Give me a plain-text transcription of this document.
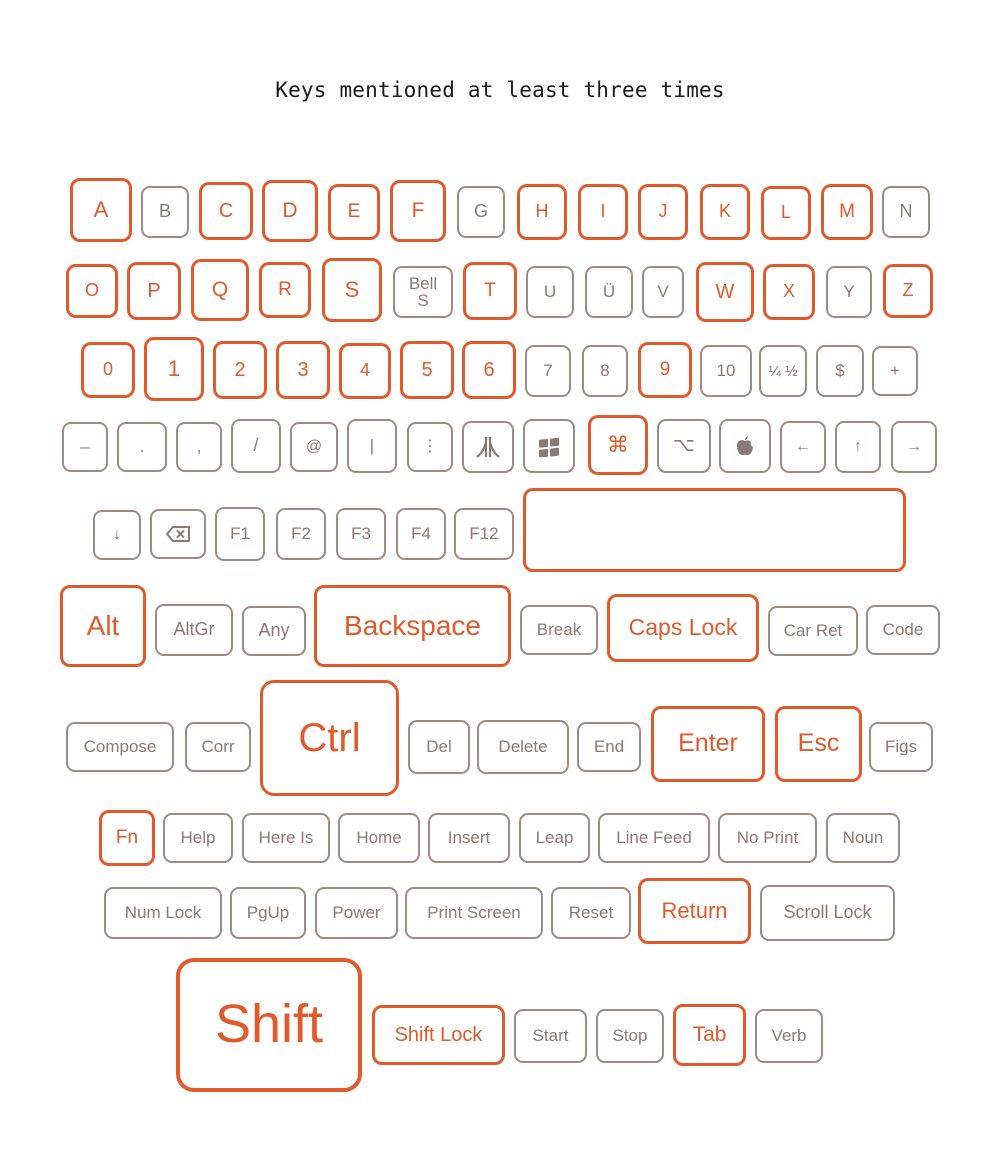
Keys mentioned at least three times
A	B C D	E F	G	H	I	J	K	L	M N
O P Q	R S	Bell S	T	U	Ü V W	X	Y	Z
0 1	2	3	4	5	6	7	8	9	10 ¼ ½ $	+
–	.	,	/	@	|	⋮	⌘ ⌥	←	↑	→
↓	F1 F2 F3 F4 F12
Alt	AltGr Any Backspace	Break Caps Lock	Car Ret Code
Compose	Corr Ctrl	Del	Delete	End Enter Esc	Figs
Fn Help	Here Is	Home	Insert	Leap	Line Feed	No Print	Noun
Num Lock	PgUp	Power	Print Screen	Reset Return	Scroll Lock
Shift	Shift Lock	Start	Stop Tab	Verb
